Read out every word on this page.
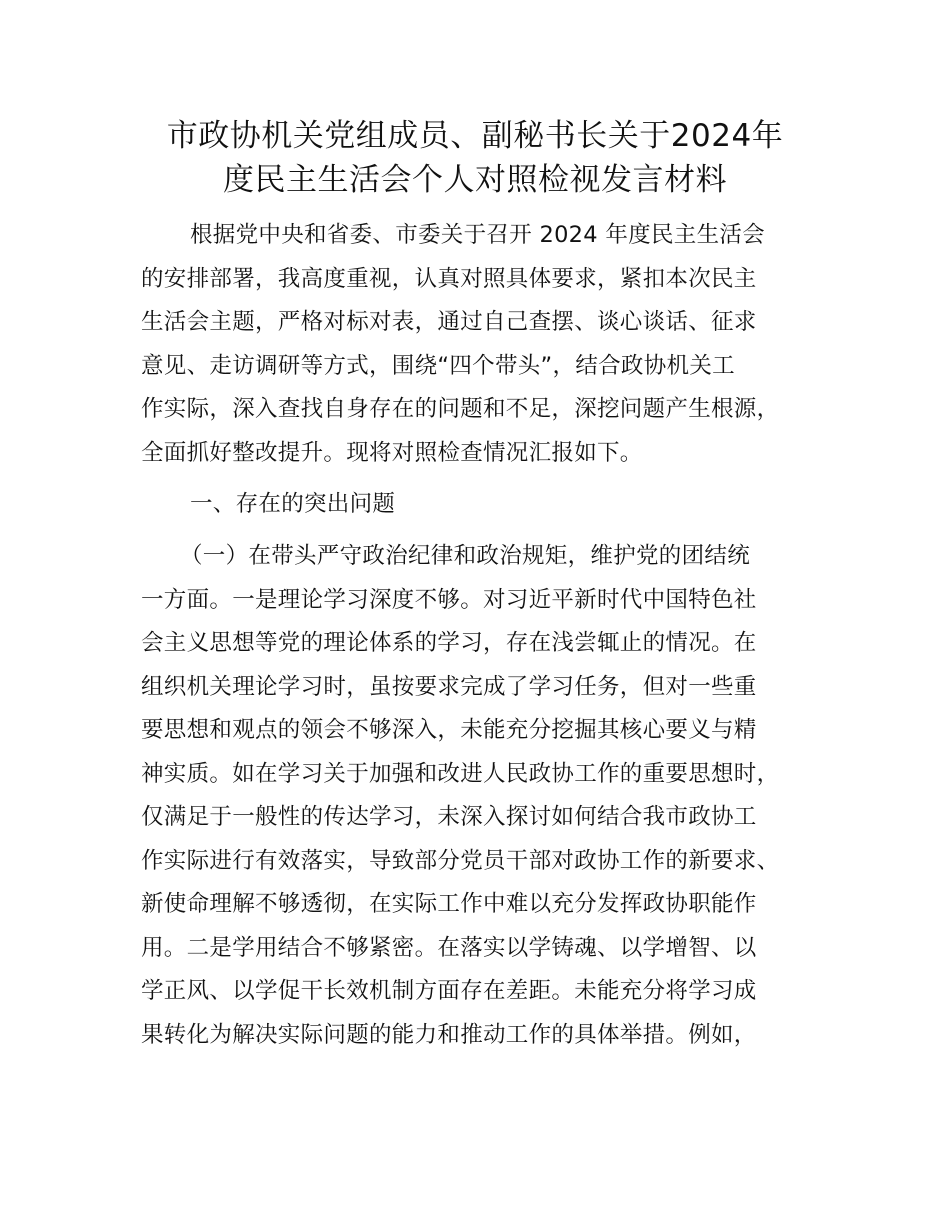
市政协机关党组成员、副秘书长关于2024年
度民主生活会个人对照检视发言材料

根据党中央和省委、市委关于召开 2024 年度民主生活会

的安排部署，我高度重视，认真对照具体要求，紧扣本次民主

生活会主题，严格对标对表，通过自己查摆、谈心谈话、征求

意见、走访调研等方式，围绕“四个带头”，结合政协机关工

作实际，深入查找自身存在的问题和不足，深挖问题产生根源，

全面抓好整改提升。现将对照检查情况汇报如下。

一、存在的突出问题

（一）在带头严守政治纪律和政治规矩，维护党的团结统

一方面。一是理论学习深度不够。对习近平新时代中国特色社

会主义思想等党的理论体系的学习，存在浅尝辄止的情况。在

组织机关理论学习时，虽按要求完成了学习任务，但对一些重

要思想和观点的领会不够深入，未能充分挖掘其核心要义与精

神实质。如在学习关于加强和改进人民政协工作的重要思想时，

仅满足于一般性的传达学习，未深入探讨如何结合我市政协工

作实际进行有效落实，导致部分党员干部对政协工作的新要求、

新使命理解不够透彻，在实际工作中难以充分发挥政协职能作

用。二是学用结合不够紧密。在落实以学铸魂、以学增智、以

学正风、以学促干长效机制方面存在差距。未能充分将学习成

果转化为解决实际问题的能力和推动工作的具体举措。例如，
